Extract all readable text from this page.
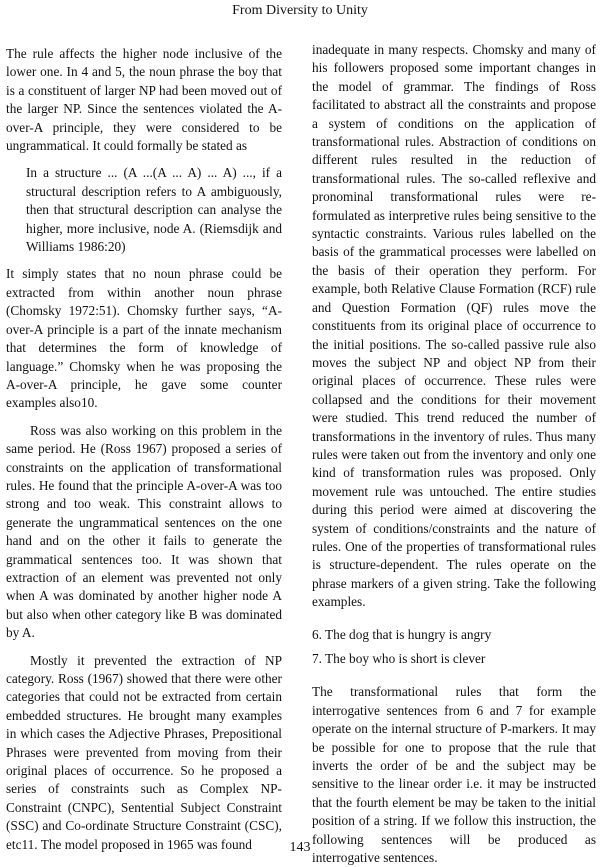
From Diversity to Unity

The rule affects the higher node inclusive of the lower one. In 4 and 5, the noun phrase the boy that is a constituent of larger NP had been moved out of the larger NP. Since the sentences violated the A-over-A principle, they were considered to be ungrammatical. It could formally be stated as

In a structure ... (A ...(A ... A) ... A) ..., if a structural description refers to A ambiguously, then that structural description can analyse the higher, more inclusive, node A. (Riemsdijk and Williams 1986:20)

It simply states that no noun phrase could be extracted from within another noun phrase (Chomsky 1972:51). Chomsky further says, “A-over-A principle is a part of the innate mechanism that determines the form of knowledge of language.” Chomsky when he was proposing the A-over-A principle, he gave some counter examples also10.

Ross was also working on this problem in the same period. He (Ross 1967) proposed a series of constraints on the application of transformational rules. He found that the principle A-over-A was too strong and too weak. This constraint allows to generate the ungrammatical sentences on the one hand and on the other it fails to generate the grammatical sentences too. It was shown that extraction of an element was prevented not only when A was dominated by another higher node A but also when other category like B was dominated by A.

Mostly it prevented the extraction of NP category. Ross (1967) showed that there were other categories that could not be extracted from certain embedded structures. He brought many examples in which cases the Adjective Phrases, Prepositional Phrases were prevented from moving from their original places of occurrence. So he proposed a series of constraints such as Complex NP-Constraint (CNPC), Sentential Subject Constraint (SSC) and Co-ordinate Structure Constraint (CSC), etc11. The model proposed in 1965 was found

inadequate in many respects. Chomsky and many of his followers proposed some important changes in the model of grammar. The findings of Ross facilitated to abstract all the constraints and propose a system of conditions on the application of transformational rules. Abstraction of conditions on different rules resulted in the reduction of transformational rules. The so-called reflexive and pronominal transformational rules were re-formulated as interpretive rules being sensitive to the syntactic constraints. Various rules labelled on the basis of the grammatical processes were labelled on the basis of their operation they perform. For example, both Relative Clause Formation (RCF) rule and Question Formation (QF) rules move the constituents from its original place of occurrence to the initial positions. The so-called passive rule also moves the subject NP and object NP from their original places of occurrence. These rules were collapsed and the conditions for their movement were studied. This trend reduced the number of transformations in the inventory of rules. Thus many rules were taken out from the inventory and only one kind of transformation rules was proposed. Only movement rule was untouched. The entire studies during this period were aimed at discovering the system of conditions/constraints and the nature of rules. One of the properties of transformational rules is structure-dependent. The rules operate on the phrase markers of a given string. Take the following examples.

6. The dog that is hungry is angry

7. The boy who is short is clever

The transformational rules that form the interrogative sentences from 6 and 7 for example operate on the internal structure of P-markers. It may be possible for one to propose that the rule that inverts the order of be and the subject may be sensitive to the linear order i.e. it may be instructed that the fourth element be may be taken to the initial position of a string. If we follow this instruction, the following sentences will be produced as interrogative sentences.

143
